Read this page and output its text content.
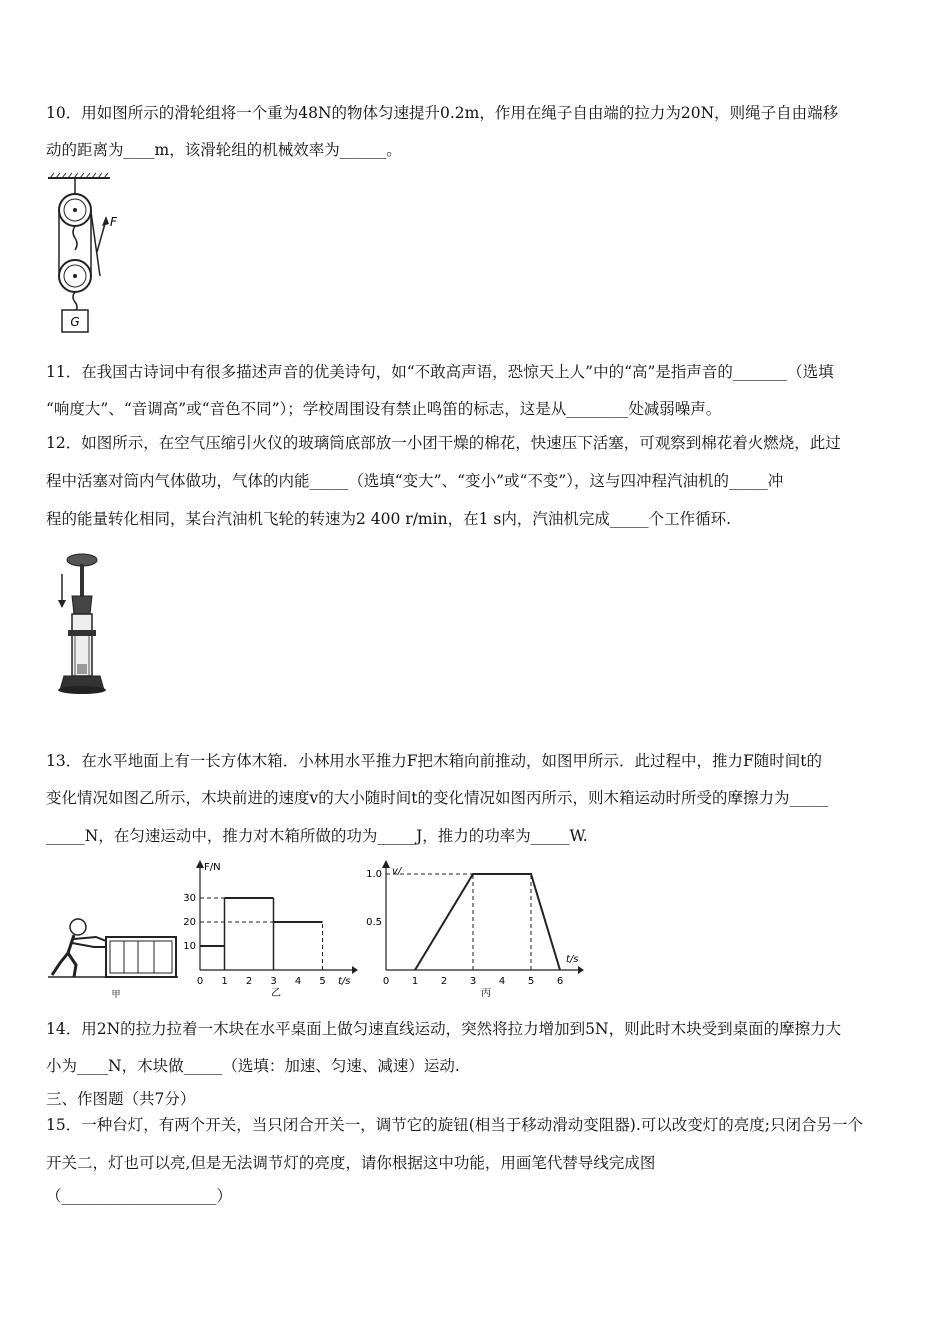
10．用如图所示的滑轮组将一个重为48N的物体匀速提升0.2m，作用在绳子自由端的拉力为20N，则绳子自由端移
动的距离为____m，该滑轮组的机械效率为______。
F
G
11．在我国古诗词中有很多描述声音的优美诗句，如“不敢高声语，恐惊天上人”中的“高”是指声音的_______（选填
“响度大”、“音调高”或“音色不同”）；学校周围设有禁止鸣笛的标志，这是从________处减弱噪声。
12．如图所示，在空气压缩引火仪的玻璃筒底部放一小团干燥的棉花，快速压下活塞，可观察到棉花着火燃烧，此过
程中活塞对筒内气体做功，气体的内能_____（选填“变大”、“变小”或“不变”），这与四冲程汽油机的_____冲
程的能量转化相同，某台汽油机飞轮的转速为2 400 r/min，在1 s内，汽油机完成_____个工作循环.
13．在水平地面上有一长方体木箱．小林用水平推力F把木箱向前推动，如图甲所示．此过程中，推力F随时间t的
变化情况如图乙所示，木块前进的速度v的大小随时间t的变化情况如图丙所示，则木箱运动时所受的摩擦力为_____
_____N，在匀速运动中，推力对木箱所做的功为_____J，推力的功率为_____W.
甲
F/N
t/s
0 1 2 3 4 5
10
20
30
乙
v/
t/s
0 1 2 3 4 5 6
0.5
1.0
丙
14．用2N的拉力拉着一木块在水平桌面上做匀速直线运动，突然将拉力增加到5N，则此时木块受到桌面的摩擦力大
小为____N，木块做_____（选填：加速、匀速、减速）运动.
三、作图题（共7分）
15．一种台灯，有两个开关，当只闭合开关一，调节它的旋钮(相当于移动滑动变阻器).可以改变灯的亮度;只闭合另一个
开关二，灯也可以亮,但是无法调节灯的亮度，请你根据这中功能，用画笔代替导线完成图
（____________________）
